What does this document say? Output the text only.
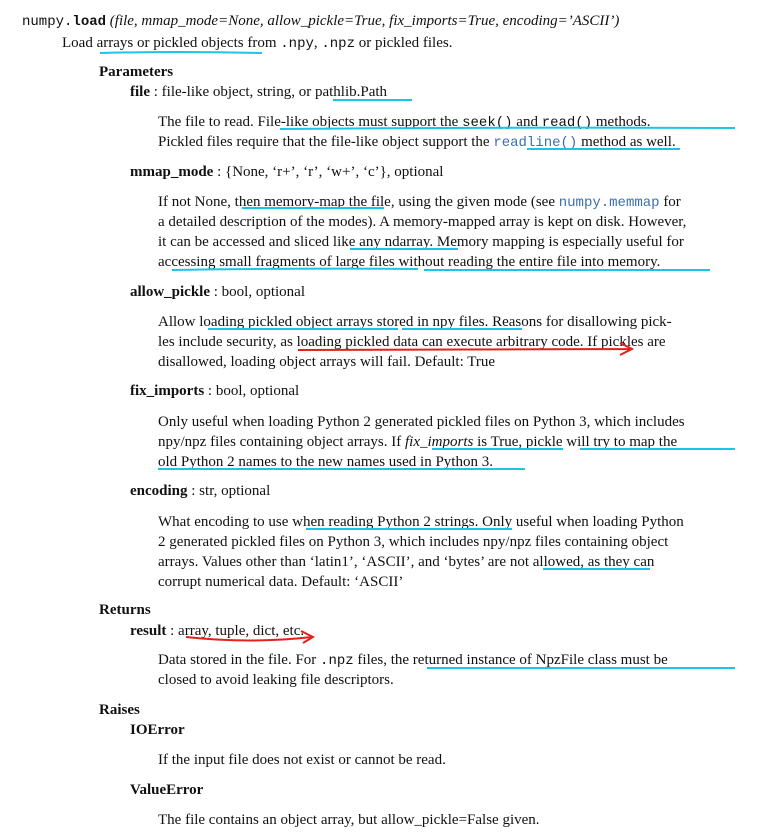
numpy.load (file, mmap_mode=None, allow_pickle=True, fix_imports=True, encoding=’ASCII’)
Load arrays or pickled objects from .npy, .npz or pickled files.
Parameters
file : file-like object, string, or pathlib.Path
The file to read. File-like objects must support the seek() and read() methods.
Pickled files require that the file-like object support the readline() method as well.
mmap_mode : {None, ‘r+’, ‘r’, ‘w+’, ‘c’}, optional
If not None, then memory-map the file, using the given mode (see numpy.memmap for
a detailed description of the modes). A memory-mapped array is kept on disk. However,
it can be accessed and sliced like any ndarray. Memory mapping is especially useful for
accessing small fragments of large files without reading the entire file into memory.
allow_pickle : bool, optional
Allow loading pickled object arrays stored in npy files. Reasons for disallowing pick-
les include security, as loading pickled data can execute arbitrary code. If pickles are
disallowed, loading object arrays will fail. Default: True
fix_imports : bool, optional
Only useful when loading Python 2 generated pickled files on Python 3, which includes
npy/npz files containing object arrays. If fix_imports is True, pickle will try to map the
old Python 2 names to the new names used in Python 3.
encoding : str, optional
What encoding to use when reading Python 2 strings. Only useful when loading Python
2 generated pickled files on Python 3, which includes npy/npz files containing object
arrays. Values other than ‘latin1’, ‘ASCII’, and ‘bytes’ are not allowed, as they can
corrupt numerical data. Default: ‘ASCII’
Returns
result : array, tuple, dict, etc.
Data stored in the file. For .npz files, the returned instance of NpzFile class must be
closed to avoid leaking file descriptors.
Raises
IOError
If the input file does not exist or cannot be read.
ValueError
The file contains an object array, but allow_pickle=False given.
